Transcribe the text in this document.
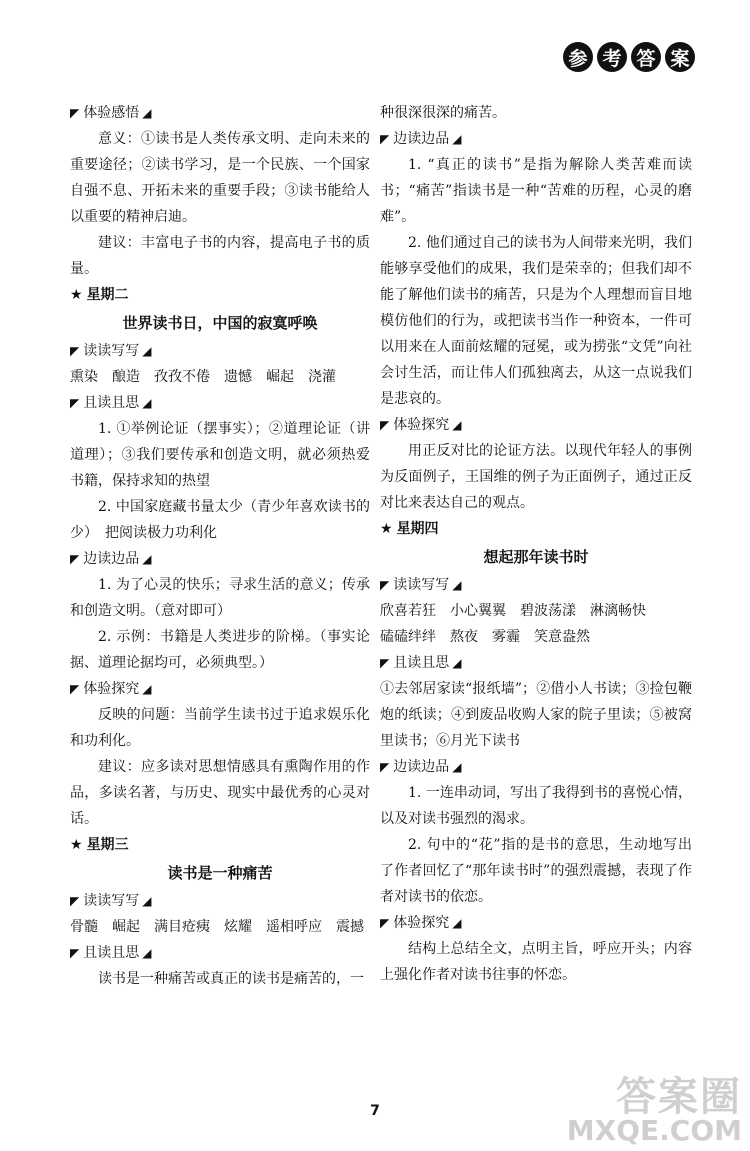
参 考 答 案

◤ 体验感悟 ◢

意义：①读书是人类传承文明、走向未来的重要途径；②读书学习，是一个民族、一个国家自强不息、开拓未来的重要手段；③读书能给人以重要的精神启迪。

建议：丰富电子书的内容，提高电子书的质量。

★ 星期二

世界读书日，中国的寂寞呼唤

◤ 读读写写 ◢

熏染　酿造　孜孜不倦　遗憾　崛起　浇灌

◤ 且读且思 ◢

1. ①举例论证（摆事实）；②道理论证（讲道理）；③我们要传承和创造文明，就必须热爱书籍，保持求知的热望

2. 中国家庭藏书量太少（青少年喜欢读书的少）　把阅读极力功利化

◤ 边读边品 ◢

1. 为了心灵的快乐；寻求生活的意义；传承和创造文明。（意对即可）

2. 示例：书籍是人类进步的阶梯。（事实论据、道理论据均可，必须典型。）

◤ 体验探究 ◢

反映的问题：当前学生读书过于追求娱乐化和功利化。

建议：应多读对思想情感具有熏陶作用的作品，多读名著，与历史、现实中最优秀的心灵对话。

★ 星期三

读书是一种痛苦

◤ 读读写写 ◢

骨髓　崛起　满目疮痍　炫耀　遥相呼应　震撼

◤ 且读且思 ◢

读书是一种痛苦或真正的读书是痛苦的，一

种很深很深的痛苦。

◤ 边读边品 ◢

1. “真正的读书”是指为解除人类苦难而读书；“痛苦”指读书是一种“苦难的历程，心灵的磨难”。

2. 他们通过自己的读书为人间带来光明，我们能够享受他们的成果，我们是荣幸的；但我们却不能了解他们读书的痛苦，只是为个人理想而盲目地模仿他们的行为，或把读书当作一种资本，一件可以用来在人面前炫耀的冠冕，或为捞张“文凭”向社会讨生活，而让伟人们孤独离去，从这一点说我们是悲哀的。

◤ 体验探究 ◢

用正反对比的论证方法。以现代年轻人的事例为反面例子，王国维的例子为正面例子，通过正反对比来表达自己的观点。

★ 星期四

想起那年读书时

◤ 读读写写 ◢

欣喜若狂　小心翼翼　碧波荡漾　淋漓畅快

磕磕绊绊　熬夜　雾霾　笑意盎然

◤ 且读且思 ◢

①去邻居家读“报纸墙”；②借小人书读；③捡包鞭炮的纸读；④到废品收购人家的院子里读；⑤被窝里读书；⑥月光下读书

◤ 边读边品 ◢

1. 一连串动词，写出了我得到书的喜悦心情，以及对读书强烈的渴求。

2. 句中的“花”指的是书的意思，生动地写出了作者回忆了“那年读书时”的强烈震撼，表现了作者对读书的依恋。

◤ 体验探究 ◢

结构上总结全文，点明主旨，呼应开头；内容上强化作者对读书往事的怀恋。

7	答案圈
MXQE.COM
